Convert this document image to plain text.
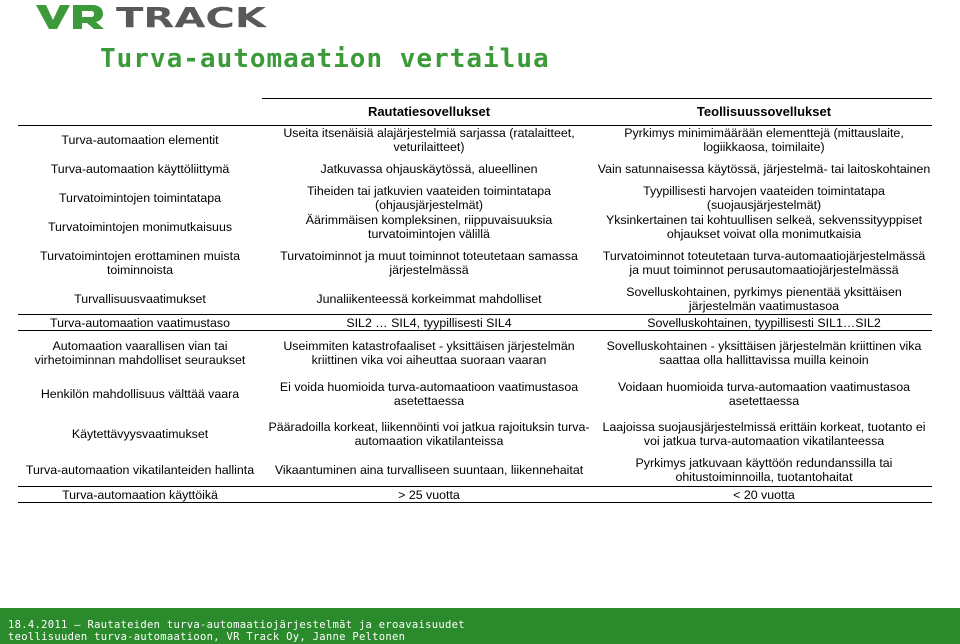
TRACK
Turva-automaation vertailua
	Rautatiesovellukset	Teollisuussovellukset
Turva-automaation elementit	Useita itsenäisiä alajärjestelmiä sarjassa (ratalaitteet, veturilaitteet)	Pyrkimys minimimäärään elementtejä (mittauslaite, logiikkaosa, toimilaite)
Turva-automaation käyttöliittymä	Jatkuvassa ohjauskäytössä, alueellinen	Vain satunnaisessa käytössä, järjestelmä- tai laitoskohtainen
Turvatoimintojen toimintatapa	Tiheiden tai jatkuvien vaateiden toimintatapa (ohjausjärjestelmät)	Tyypillisesti harvojen vaateiden toimintatapa (suojausjärjestelmät)
Turvatoimintojen monimutkaisuus	Äärimmäisen kompleksinen, riippuvaisuuksia turvatoimintojen välillä	Yksinkertainen tai kohtuullisen selkeä, sekvenssityyppiset ohjaukset voivat olla monimutkaisia
Turvatoimintojen erottaminen muista toiminnoista	Turvatoiminnot ja muut toiminnot toteutetaan samassa järjestelmässä	Turvatoiminnot toteutetaan turva-automaatiojärjestelmässä ja muut toiminnot perusautomaatiojärjestelmässä
Turvallisuusvaatimukset	Junaliikenteessä korkeimmat mahdolliset	Sovelluskohtainen, pyrkimys pienentää yksittäisen järjestelmän vaatimustasoa
Turva-automaation vaatimustaso	SIL2 … SIL4, tyypillisesti SIL4	Sovelluskohtainen, tyypillisesti SIL1…SIL2
Automaation vaarallisen vian tai virhetoiminnan mahdolliset seuraukset	Useimmiten katastrofaaliset - yksittäisen järjestelmän kriittinen vika voi aiheuttaa suoraan vaaran	Sovelluskohtainen - yksittäisen järjestelmän kriittinen vika saattaa olla hallittavissa muilla keinoin
Henkilön mahdollisuus välttää vaara	Ei voida huomioida turva-automaatioon vaatimustasoa asetettaessa	Voidaan huomioida turva-automaation vaatimustasoa asetettaessa
Käytettävyysvaatimukset	Pääradoilla korkeat, liikennöinti voi jatkua rajoituksin turva-automaation vikatilanteissa	Laajoissa suojausjärjestelmissä erittäin korkeat, tuotanto ei voi jatkua turva-automaation vikatilanteessa
Turva-automaation vikatilanteiden hallinta	Vikaantuminen aina turvalliseen suuntaan, liikennehaitat	Pyrkimys jatkuvaan käyttöön redundanssilla tai ohitustoiminnoilla, tuotantohaitat
Turva-automaation käyttöikä	> 25 vuotta	< 20 vuotta
18.4.2011 – Rautateiden turva-automaatiojärjestelmät ja eroavaisuudet
teollisuuden turva-automaatioon, VR Track Oy, Janne Peltonen
